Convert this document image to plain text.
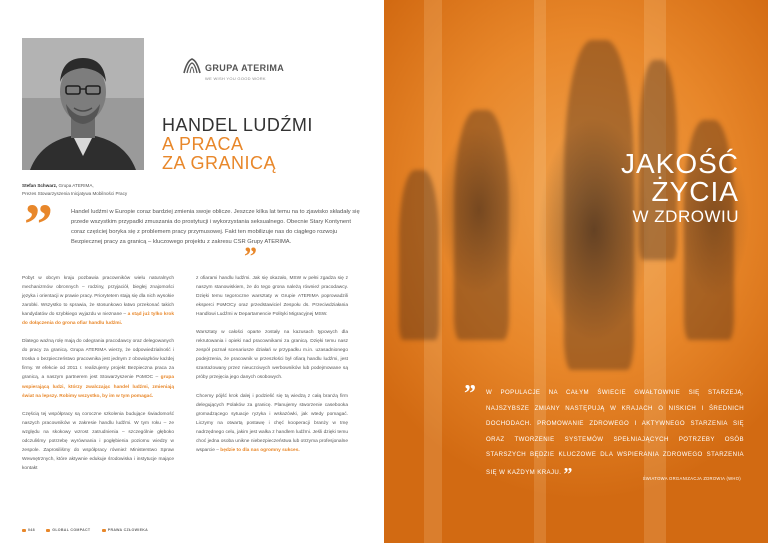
GRUPA ATERIMA
WE WISH YOU GOOD WORK
HANDEL LUDŹMI
A PRACA
ZA GRANICĄ
Stefan Schwarz, Grupa ATERIMA,
Prezes Stowarzyszenia Inicjatywa Mobilności Pracy
”	Handel ludźmi w Europie coraz bardziej zmienia swoje oblicze. Jeszcze kilka lat temu na to zjawisko składały się przede wszystkim przypadki zmuszania do prostytucji i wykorzystania seksualnego. Obecnie Stary Kontynent coraz częściej boryka się z problemem pracy przymusowej. Fakt ten mobilizuje nas do ciągłego rozwoju Bezpiecznej pracy za granicą – kluczowego projektu z zakresu CSR Grupy ATERIMA.
”

Pobyt w obcym kraju pozbawia pracowników wielu naturalnych mechanizmów obronnych – rodziny, przyjaciół, biegłej znajomości języka i orientacji w prawie pracy. Priorytetem stają się dla nich wysokie zarobki. Wszystko to sprawia, że stosunkowo łatwo przekonać takich kandydatów do szybkiego wyjazdu w nieznane – a stąd już tylko krok do dołączenia do grona ofiar handlu ludźmi.

Dlatego ważną rolę mają do odegrania pracodawcy oraz delegowanych do pracy za granicą. Grupa ATERIMA wierzy, że odpowiedzialność i troska o bezpieczeństwo pracownika jest jednym z obowiązków każdej firmy. W efekcie od 2011 r. realizujemy projekt Bezpieczna praca za granicą, a naszym partnerem jest Stowarzyszenie PoMOC – grupa wspierającą ludzi, którzy zwalczając handel ludźmi, zmieniają świat na lepszy. Robimy wszystko, by im w tym pomagać.

Częścią tej współpracy są coroczne szkolenia budujące świadomość naszych pracowników w zakresie handlu ludźmi. W tym roku – ze względu na skokowy wzrost zatrudnienia – szczególnie głęboko odczuliśmy potrzebę wyrównania i pogłębienia poziomu wiedzy w zespole. Zaprosiliśmy do współpracy również Ministerstwo Spraw Wewnętrznych, które aktywnie edukuje środowiska i instytucje mające kontakt

z ofiarami handlu ludźmi. Jak się okazało, MSW w pełni zgadza się z naszym stanowiskiem, że do tego grona należą również pracodawcy. Dzięki temu tegoroczne warsztaty w Grupie ATERIMA poprowadzili eksperci PoMOCy oraz przedstawiciel Zespołu ds. Przeciwdziałania Handlowi Ludźmi w Departamencie Polityki Migracyjnej MSW.

Warsztaty w całości oparte zostały na kazusach typowych dla rekrutowania i opieki nad pracownikami za granicą. Dzięki temu nasz zespół poznał scenariusze działań w przypadku m.in. uzasadnionego podejrzenia, że pracownik w przeszłości był ofiarą handlu ludźmi, jest szantażowany przez nieuczciwych werbowników lub podejmowane są próby przejęcia jego danych osobowych.

Chcemy pójść krok dalej i podzielić się tą wiedzą z całą branżą firm delegujących Polaków za granicę. Planujemy stworzenie casebooka gromadzącego sytuacje ryzyka i wskazówki, jak wtedy pomagać. Liczymy na otwartą postawę i chęć kooperacji branży w tmę nadrzędnego celu, jakim jest walka z handlem ludźmi. Jeśli dzięki temu choć jedna osoba unikne niebezpieczeństwa lub otrzyma profesjonalne wsparcie – będzie to dla nas ogromny sukces.

048	GLOBAL COMPACT	PRAWA CZŁOWIEKA
JAKOŚĆ ŻYCIA
W ZDROWIU
” W POPULACJE NA CAŁYM ŚWIECIE GWAŁTOWNIE SIĘ STARZEJĄ, NAJSZYBSZE ZMIANY NASTĘPUJĄ W KRAJACH O NISKICH I ŚREDNICH DOCHODACH. PROMOWANIE ZDROWEGO I AKTYWNEGO STARZENIA SIĘ ORAZ TWORZENIE SYSTEMÓW SPEŁNIAJĄCYCH POTRZEBY OSÓB STARSZYCH BĘDZIE KLUCZOWE DLA WSPIERANIA ZDROWEGO STARZENIA SIĘ W KAŻDYM KRAJU. ”	ŚWIATOWA ORGANIZACJA ZDROWIA (WHO)
